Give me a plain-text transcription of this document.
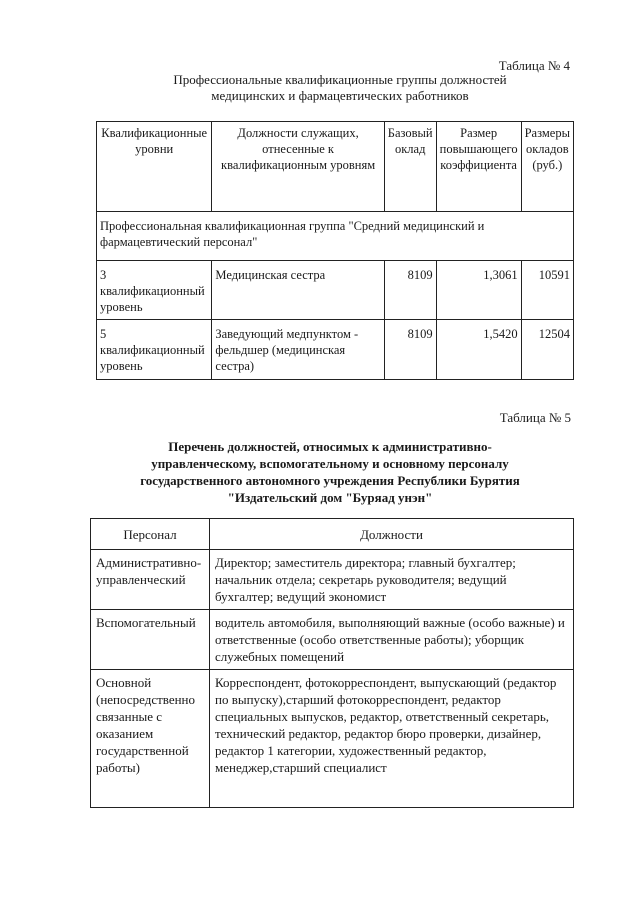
Таблица № 4
Профессиональные квалификационные группы должностей
медицинских и фармацевтических работников
Квалификационные уровни	Должности служащих, отнесенные к квалификационным уровням	Базовый оклад	Размер повышающего коэффициента	Размеры окладов (руб.)
Профессиональная квалификационная группа "Средний медицинский и фармацевтический персонал"				
3 квалификационный уровень	Медицинская сестра	8109	1,3061	10591
5 квалификационный уровень	Заведующий медпунктом - фельдшер (медицинская сестра)	8109	1,5420	12504
Таблица № 5
Перечень должностей, относимых к административно-
управленческому, вспомогательному и основному персоналу
государственного автономного учреждения Республики Бурятия
"Издательский дом "Буряад унэн"
Персонал	Должности
Административно-управленческий	Директор; заместитель директора; главный бухгалтер; начальник отдела; секретарь руководителя; ведущий бухгалтер; ведущий экономист
Вспомогательный	водитель автомобиля, выполняющий важные (особо важные) и ответственные (особо ответственные работы); уборщик служебных помещений
Основной (непосредственно связанные с оказанием государственной работы)	Корреспондент, фотокорреспондент, выпускающий (редактор по выпуску),старший фотокорреспондент, редактор специальных выпусков, редактор, ответственный секретарь, технический редактор, редактор бюро проверки, дизайнер, редактор 1 категории, художественный редактор, менеджер,старший специалист
